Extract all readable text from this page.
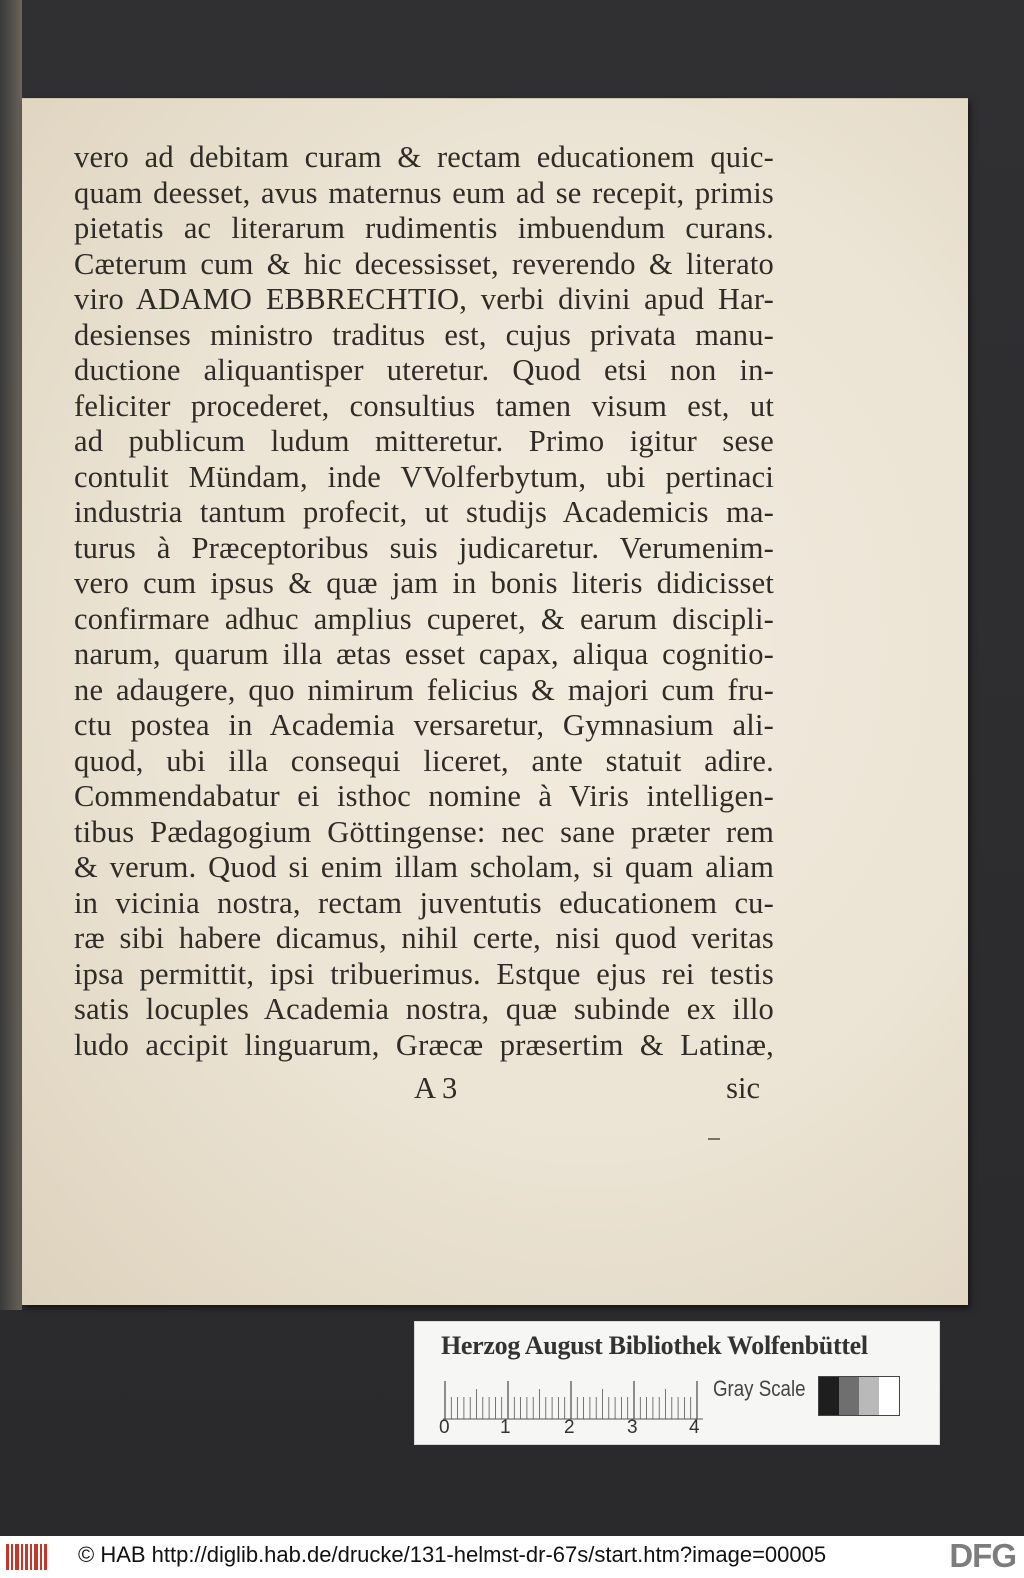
vero ad debitam curam & rectam educationem quic-
quam deesset, avus maternus eum ad se recepit, primis
pietatis ac literarum rudimentis imbuendum curans.
Cæterum cum & hic decessisset, reverendo & literato
viro ADAMO EBBRECHTIO, verbi divini apud Har-
desienses ministro traditus est, cujus privata manu-
ductione aliquantisper uteretur. Quod etsi non in-
feliciter procederet, consultius tamen visum est, ut
ad publicum ludum mitteretur. Primo igitur sese
contulit Mündam, inde VVolferbytum, ubi pertinaci
industria tantum profecit, ut studijs Academicis ma-
turus à Præceptoribus suis judicaretur. Verumenim-
vero cum ipsus & quæ jam in bonis literis didicisset
confirmare adhuc amplius cuperet, & earum discipli-
narum, quarum illa ætas esset capax, aliqua cognitio-
ne adaugere, quo nimirum felicius & majori cum fru-
ctu postea in Academia versaretur, Gymnasium ali-
quod, ubi illa consequi liceret, ante statuit adire.
Commendabatur ei isthoc nomine à Viris intelligen-
tibus Pædagogium Göttingense: nec sane præter rem
& verum. Quod si enim illam scholam, si quam aliam
in vicinia nostra, rectam juventutis educationem cu-
ræ sibi habere dicamus, nihil certe, nisi quod veritas
ipsa permittit, ipsi tribuerimus. Estque ejus rei testis
satis locuples Academia nostra, quæ subinde ex illo
ludo accipit linguarum, Græcæ præsertim & Latinæ,
A 3	sic
Herzog August Bibliothek Wolfenbüttel
0	1	2	3	4
Gray Scale
© HAB http://diglib.hab.de/drucke/131-helmst-dr-67s/start.htm?image=00005	DFG
